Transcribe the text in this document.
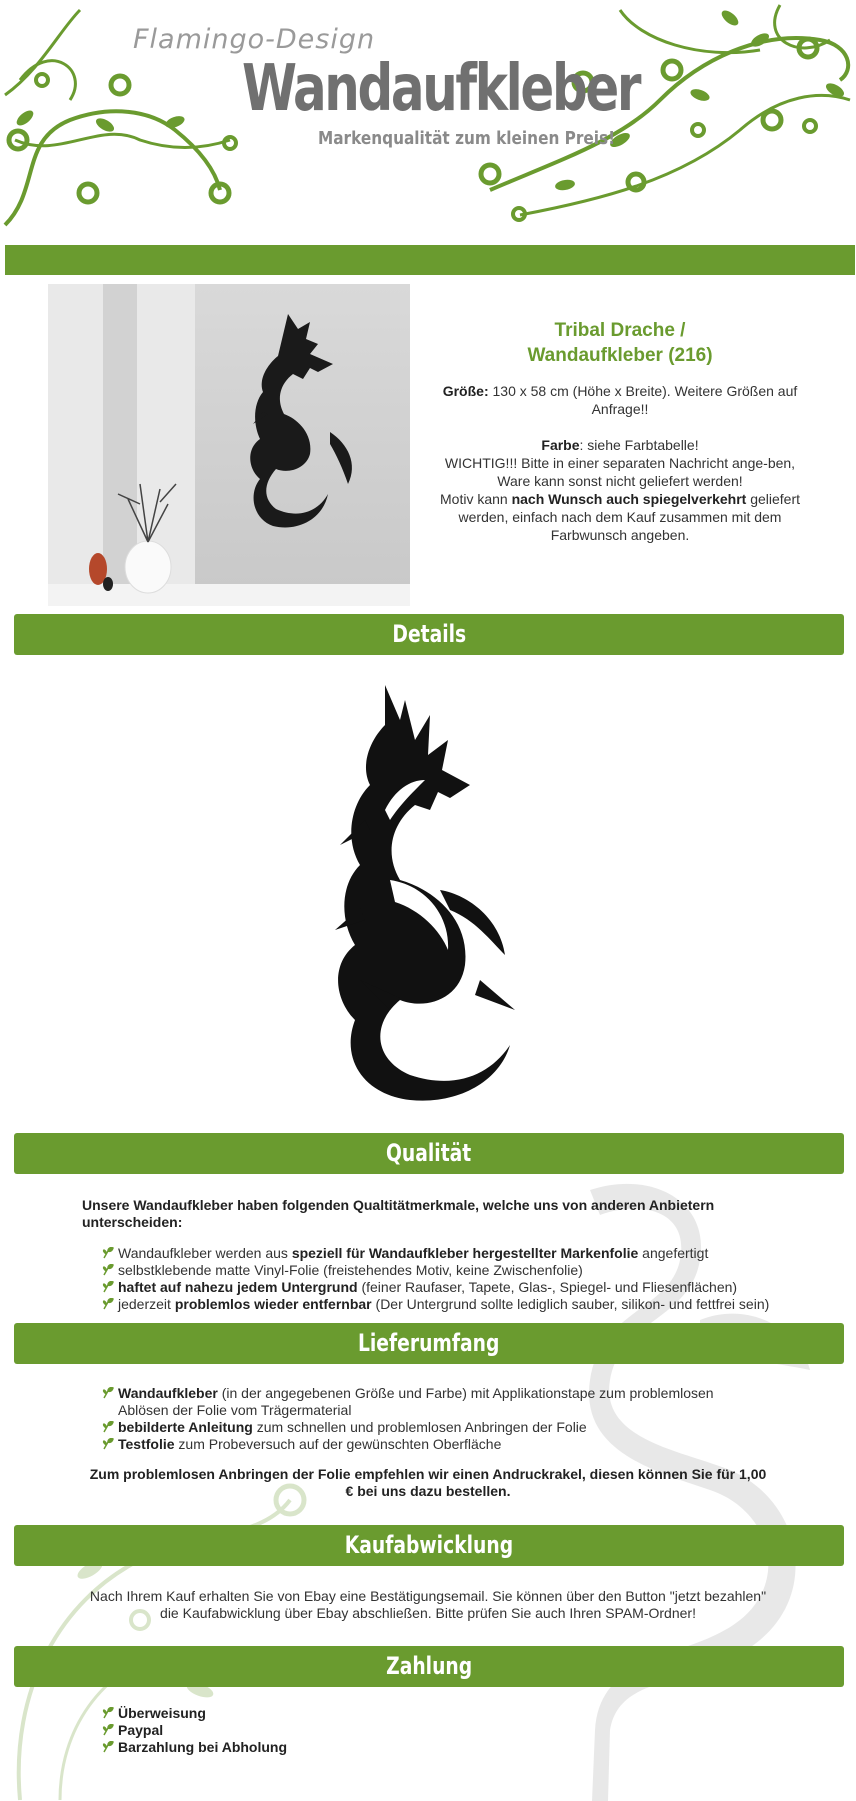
Flamingo-Design
Wandaufkleber
Markenqualität zum kleinen Preis!
Tribal Drache /
Wandaufkleber (216)

Größe: 130 x 58 cm (Höhe x Breite). Weitere Größen auf Anfrage!!

Farbe: siehe Farbtabelle!
WICHTIG!!! Bitte in einer separaten Nachricht ange-ben, Ware kann sonst nicht geliefert werden!
Motiv kann nach Wunsch auch spiegelverkehrt geliefert werden, einfach nach dem Kauf zusammen mit dem Farbwunsch angeben.

Details
Qualität
Unsere Wandaufkleber haben folgenden Qualtitätmerkmale, welche uns von anderen Anbietern unterscheiden:
Wandaufkleber werden aus speziell für Wandaufkleber hergestellter Markenfolie angefertigt
selbstklebende matte Vinyl-Folie (freistehendes Motiv, keine Zwischenfolie)
haftet auf nahezu jedem Untergrund (feiner Raufaser, Tapete, Glas-, Spiegel- und Fliesenflächen)
jederzeit problemlos wieder entfernbar (Der Untergrund sollte lediglich sauber, silikon- und fettfrei sein)
Lieferumfang
Wandaufkleber (in der angegebenen Größe und Farbe) mit Applikationstape zum problemlosen Ablösen der Folie vom Trägermaterial
bebilderte Anleitung zum schnellen und problemlosen Anbringen der Folie
Testfolie zum Probeversuch auf der gewünschten Oberfläche
Zum problemlosen Anbringen der Folie empfehlen wir einen Andruckrakel, diesen können Sie für 1,00 € bei uns dazu bestellen.
Kaufabwicklung
Nach Ihrem Kauf erhalten Sie von Ebay eine Bestätigungsemail. Sie können über den Button "jetzt bezahlen" die Kaufabwicklung über Ebay abschließen. Bitte prüfen Sie auch Ihren SPAM-Ordner!
Zahlung
Überweisung
Paypal
Barzahlung bei Abholung
